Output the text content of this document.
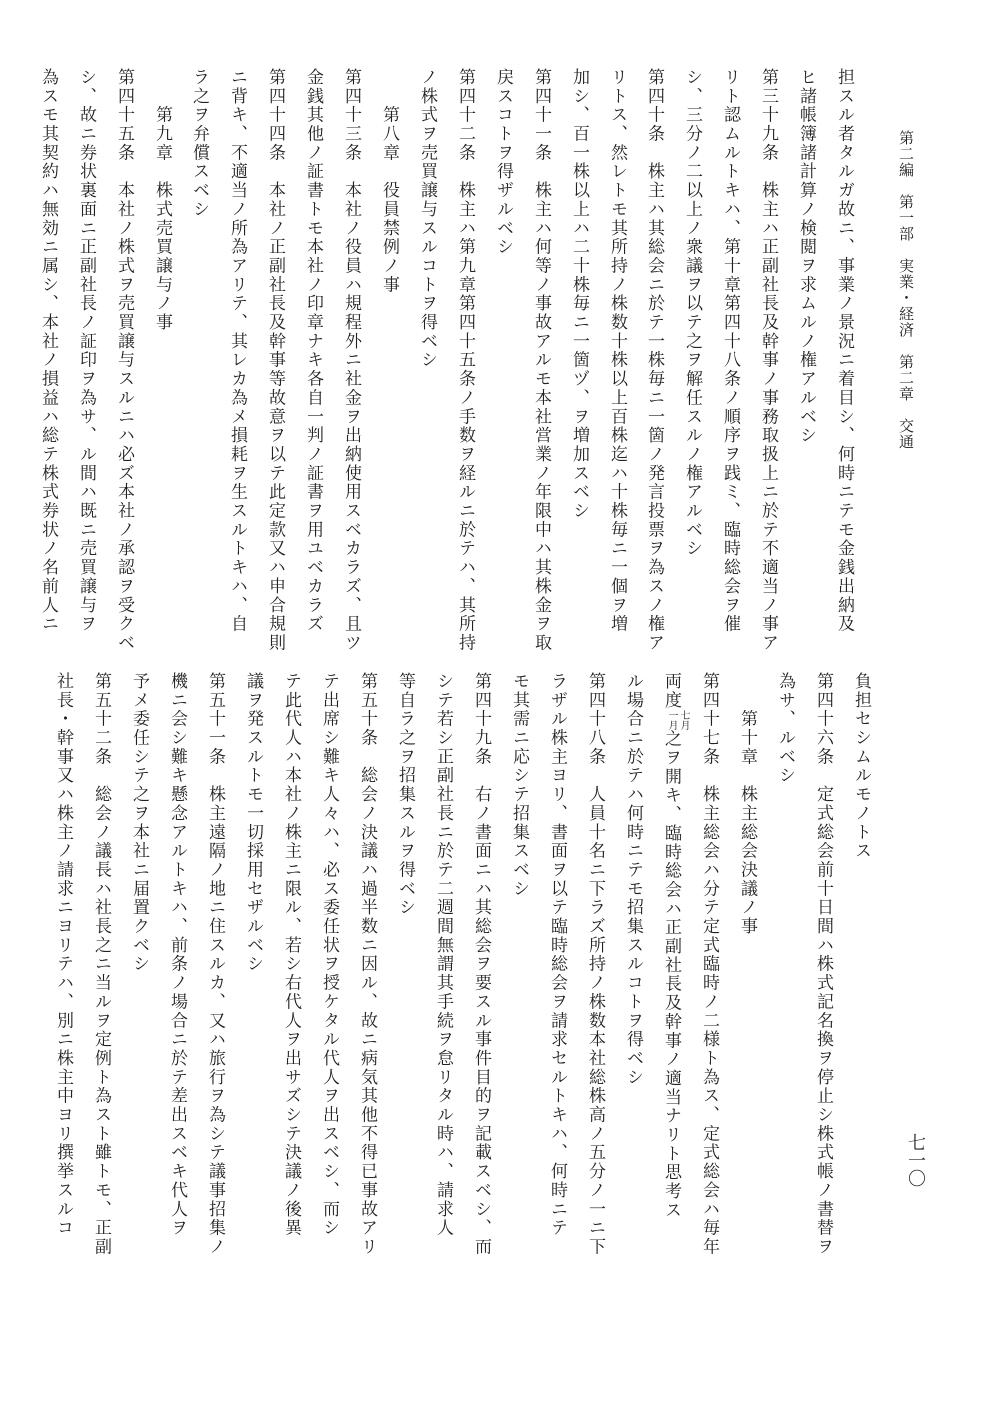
第二編　第一部　実業・経済　第二章　交通
七一〇
担スル者タルガ故ニ、事業ノ景況ニ着目シ、何時ニテモ金銭出納及
ヒ諸帳簿諸計算ノ検閲ヲ求ムルノ権アルベシ
第三十九条　株主ハ正副社長及幹事ノ事務取扱上ニ於テ不適当ノ事ア
リト認ムルトキハ、第十章第四十八条ノ順序ヲ践ミ、臨時総会ヲ催
シ、三分ノ二以上ノ衆議ヲ以テ之ヲ解任スルノ権アルベシ
第四十条　株主ハ其総会ニ於テ一株毎ニ一箇ノ発言投票ヲ為スノ権ア
リトス、然レトモ其所持ノ株数十株以上百株迄ハ十株毎ニ一個ヲ増
加シ、百一株以上ハ二十株毎ニ一箇ヅ、ヲ増加スベシ
第四十一条　株主ハ何等ノ事故アルモ本社営業ノ年限中ハ其株金ヲ取
戻スコトヲ得ザルベシ
第四十二条　株主ハ第九章第四十五条ノ手数ヲ経ルニ於テハ、其所持
ノ株式ヲ売買譲与スルコトヲ得ベシ
　　第八章　役員禁例ノ事
第四十三条　本社ノ役員ハ規程外ニ社金ヲ出納使用スベカラズ、且ツ
金銭其他ノ証書トモ本社ノ印章ナキ各自一判ノ証書ヲ用ユベカラズ
第四十四条　本社ノ正副社長及幹事等故意ヲ以テ此定款又ハ申合規則
ニ背キ、不適当ノ所為アリテ、其レカ為メ損耗ヲ生スルトキハ、自
ラ之ヲ弁償スベシ
　　第九章　株式売買譲与ノ事
第四十五条　本社ノ株式ヲ売買譲与スルニハ必ズ本社ノ承認ヲ受クベ
シ、故ニ券状裏面ニ正副社長ノ証印ヲ為サ、ル間ハ既ニ売買譲与ヲ
為スモ其契約ハ無効ニ属シ、本社ノ損益ハ総テ株式券状ノ名前人ニ
負担セシムルモノトス
第四十六条　定式総会前十日間ハ株式記名換ヲ停止シ株式帳ノ書替ヲ
為サ、ルベシ
　　第十章　株主総会決議ノ事
第四十七条　株主総会ハ分テ定式臨時ノ二様ト為ス、定式総会ハ毎年
両度七月
一月之ヲ開キ、臨時総会ハ正副社長及幹事ノ適当ナリト思考ス
ル場合ニ於テハ何時ニテモ招集スルコトヲ得ベシ
第四十八条　人員十名ニ下ラズ所持ノ株数本社総株高ノ五分ノ一ニ下
ラザル株主ヨリ、書面ヲ以テ臨時総会ヲ請求セルトキハ、何時ニテ
モ其需ニ応シテ招集スベシ
第四十九条　右ノ書面ニハ其総会ヲ要スル事件目的ヲ記載スベシ、而
シテ若シ正副社長ニ於テ二週間無謂其手続ヲ怠リタル時ハ、請求人
等自ラ之ヲ招集スルヲ得ベシ
第五十条　総会ノ決議ハ過半数ニ因ル、故ニ病気其他不得已事故アリ
テ出席シ難キ人々ハ、必ス委任状ヲ授ケタル代人ヲ出スベシ、而シ
テ此代人ハ本社ノ株主ニ限ル、若シ右代人ヲ出サズシテ決議ノ後異
議ヲ発スルトモ一切採用セザルベシ
第五十一条　株主遠隔ノ地ニ住スルカ、又ハ旅行ヲ為シテ議事招集ノ
機ニ会シ難キ懸念アルトキハ、前条ノ場合ニ於テ差出スベキ代人ヲ
予メ委任シテ之ヲ本社ニ届置クベシ
第五十二条　総会ノ議長ハ社長之ニ当ルヲ定例ト為スト雖トモ、正副
社長・幹事又ハ株主ノ請求ニヨリテハ、別ニ株主中ヨリ撰挙スルコ
